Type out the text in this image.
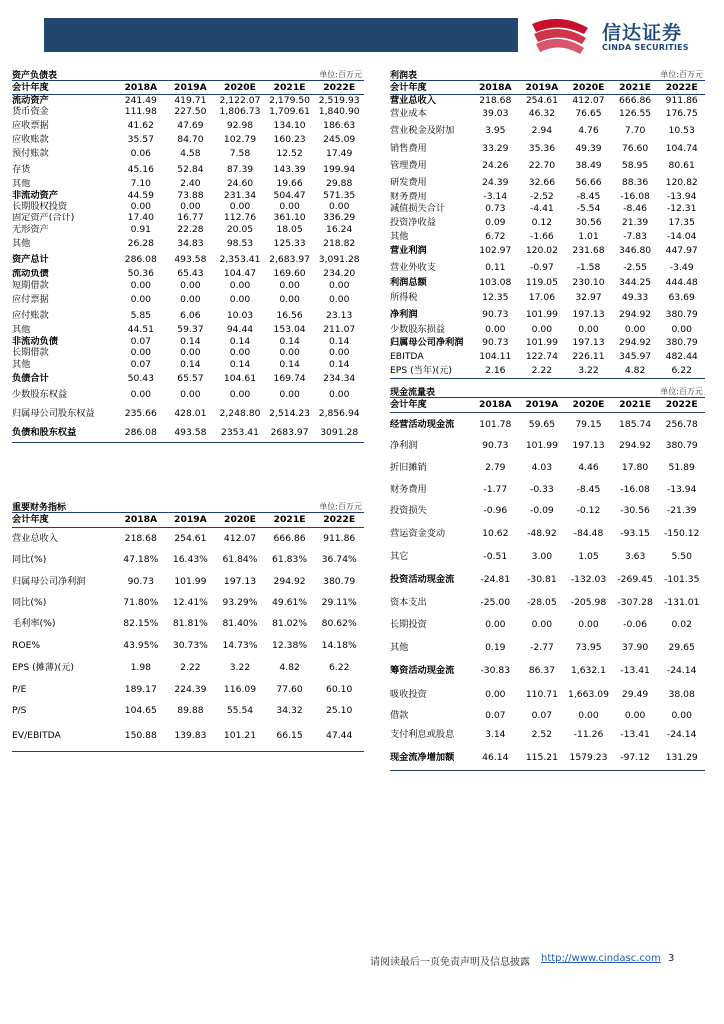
信达证券
CINDA SECURITIES
资产负债表	单位:百万元
会计年度	2018A	2019A	2020E	2021E	2022E
流动资产	241.49	419.71	2,122.07	2,179.50	2,519.93
货币资金	111.98	227.50	1,806.73	1,709.61	1,840.90
应收票据	41.62	47.69	92.98	134.10	186.63
应收账款	35.57	84.70	102.79	160.23	245.09
预付账款	0.06	4.58	7.58	12.52	17.49
存货	45.16	52.84	87.39	143.39	199.94
其他	7.10	2.40	24.60	19.66	29.88
非流动资产	44.59	73.88	231.34	504.47	571.35
长期股权投资	0.00	0.00	0.00	0.00	0.00
固定资产(合计)	17.40	16.77	112.76	361.10	336.29
无形资产	0.91	22.28	20.05	18.05	16.24
其他	26.28	34.83	98.53	125.33	218.82
资产总计	286.08	493.58	2,353.41	2,683.97	3,091.28
流动负债	50.36	65.43	104.47	169.60	234.20
短期借款	0.00	0.00	0.00	0.00	0.00
应付票据	0.00	0.00	0.00	0.00	0.00
应付账款	5.85	6.06	10.03	16.56	23.13
其他	44.51	59.37	94.44	153.04	211.07
非流动负债	0.07	0.14	0.14	0.14	0.14
长期借款	0.00	0.00	0.00	0.00	0.00
其他	0.07	0.14	0.14	0.14	0.14
负债合计	50.43	65.57	104.61	169.74	234.34
少数股东权益	0.00	0.00	0.00	0.00	0.00
归属母公司股东权益	235.66	428.01	2,248.80	2,514.23	2,856.94
负债和股东权益	286.08	493.58	2353.41	2683.97	3091.28
重要财务指标	单位:百万元
会计年度	2018A	2019A	2020E	2021E	2022E
营业总收入	218.68	254.61	412.07	666.86	911.86
同比(%)	47.18%	16.43%	61.84%	61.83%	36.74%
归属母公司净利润	90.73	101.99	197.13	294.92	380.79
同比(%)	71.80%	12.41%	93.29%	49.61%	29.11%
毛利率(%)	82.15%	81.81%	81.40%	81.02%	80.62%
ROE%	43.95%	30.73%	14.73%	12.38%	14.18%
EPS (摊薄)(元)	1.98	2.22	3.22	4.82	6.22
P/E	189.17	224.39	116.09	77.60	60.10
P/S	104.65	89.88	55.54	34.32	25.10
EV/EBITDA	150.88	139.83	101.21	66.15	47.44
利润表	单位:百万元
会计年度	2018A	2019A	2020E	2021E	2022E
营业总收入	218.68	254.61	412.07	666.86	911.86
营业成本	39.03	46.32	76.65	126.55	176.75
营业税金及附加	3.95	2.94	4.76	7.70	10.53
销售费用	33.29	35.36	49.39	76.60	104.74
管理费用	24.26	22.70	38.49	58.95	80.61
研发费用	24.39	32.66	56.66	88.36	120.82
财务费用	-3.14	-2.52	-8.45	-16.08	-13.94
减值损失合计	0.73	-4.41	-5.54	-8.46	-12.31
投资净收益	0.09	0.12	30.56	21.39	17.35
其他	6.72	-1.66	1.01	-7.83	-14.04
营业利润	102.97	120.02	231.68	346.80	447.97
营业外收支	0.11	-0.97	-1.58	-2.55	-3.49
利润总额	103.08	119.05	230.10	344.25	444.48
所得税	12.35	17.06	32.97	49.33	63.69
净利润	90.73	101.99	197.13	294.92	380.79
少数股东损益	0.00	0.00	0.00	0.00	0.00
归属母公司净利润	90.73	101.99	197.13	294.92	380.79
EBITDA	104.11	122.74	226.11	345.97	482.44
EPS (当年)(元)	2.16	2.22	3.22	4.82	6.22
现金流量表	单位:百万元
会计年度	2018A	2019A	2020E	2021E	2022E
经营活动现金流	101.78	59.65	79.15	185.74	256.78
净利润	90.73	101.99	197.13	294.92	380.79
折旧摊销	2.79	4.03	4.46	17.80	51.89
财务费用	-1.77	-0.33	-8.45	-16.08	-13.94
投资损失	-0.96	-0.09	-0.12	-30.56	-21.39
营运资金变动	10.62	-48.92	-84.48	-93.15	-150.12
其它	-0.51	3.00	1.05	3.63	5.50
投资活动现金流	-24.81	-30.81	-132.03	-269.45	-101.35
资本支出	-25.00	-28.05	-205.98	-307.28	-131.01
长期投资	0.00	0.00	0.00	-0.06	0.02
其他	0.19	-2.77	73.95	37.90	29.65
筹资活动现金流	-30.83	86.37	1,632.1	-13.41	-24.14
吸收投资	0.00	110.71	1,663.09	29.49	38.08
借款	0.07	0.07	0.00	0.00	0.00
支付利息或股息	3.14	2.52	-11.26	-13.41	-24.14
现金流净增加额	46.14	115.21	1579.23	-97.12	131.29
请阅读最后一页免责声明及信息披露 http://www.cindasc.com 3
